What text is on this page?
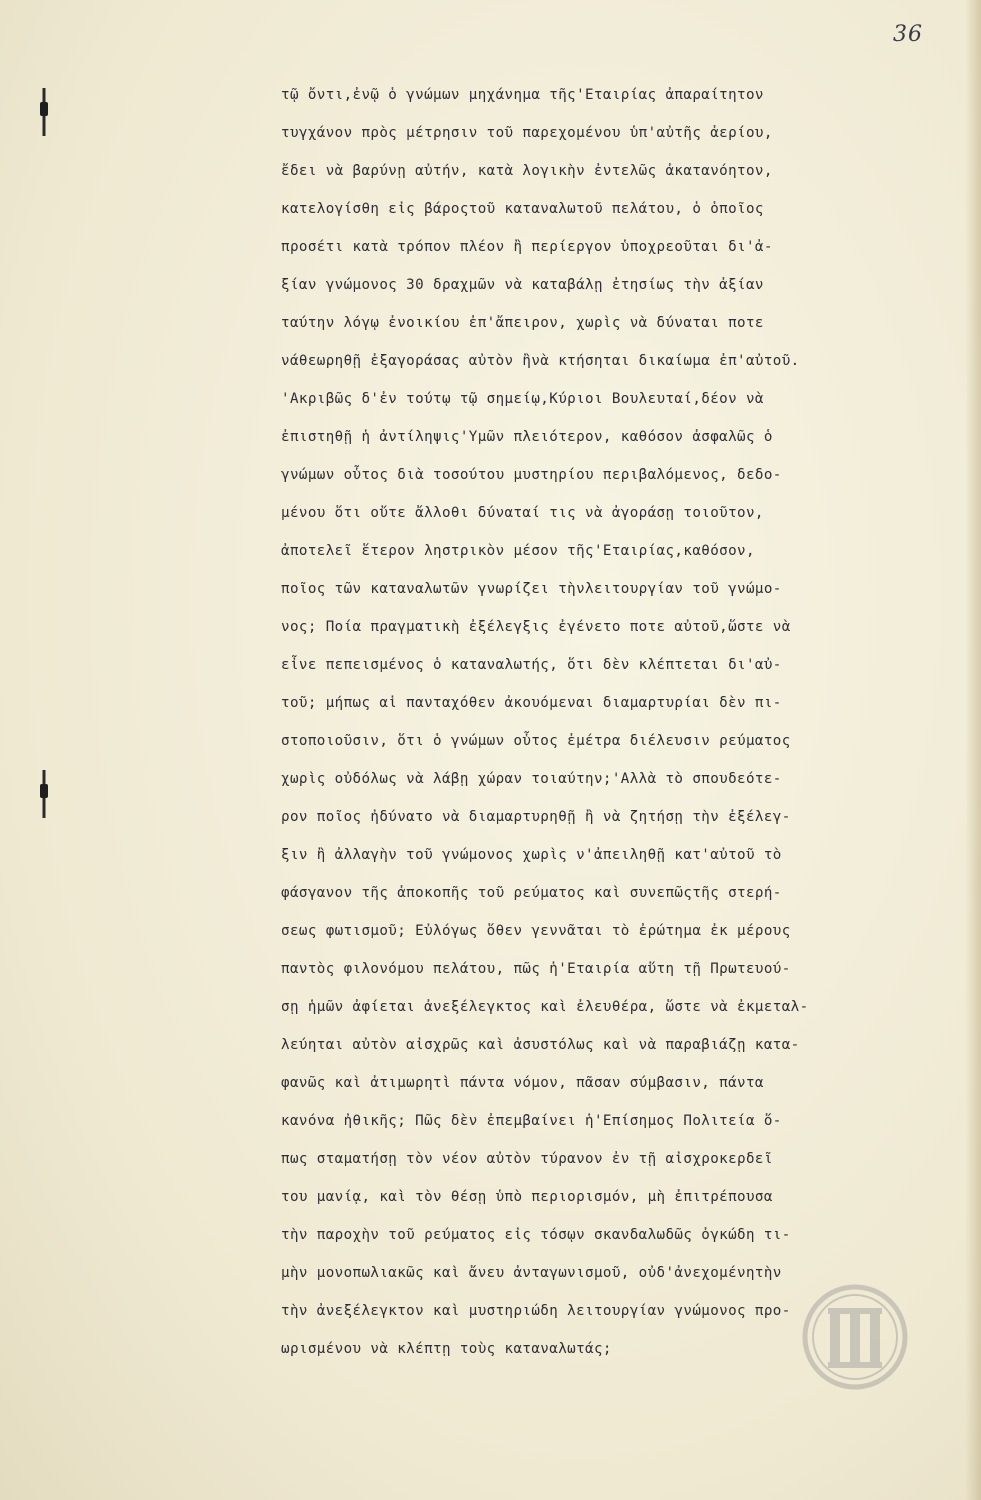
36
τῷ ὄντι,ἐνῷ ὁ γνώμων μηχάνημα τῆς'Εταιρίας ἀπαραίτητον
τυγχάνον πρὸς μέτρησιν τοῦ παρεχομένου ὑπ'αὐτῆς ἀερίου,
ἔδει νὰ βαρύνῃ αὐτήν, κατὰ λογικὴν ἐντελῶς ἀκατανόητον,
κατελογίσθη εἰς βάροςτοῦ καταναλωτοῦ πελάτου, ὁ ὁποῖος
προσέτι κατὰ τρόπον πλέον ἢ περίεργον ὑποχρεοῦται δι'ἀ-
ξίαν γνώμονος 30 δραχμῶν νὰ καταβάλῃ ἐτησίως τὴν ἀξίαν
ταύτην λόγῳ ἐνοικίου ἐπ'ἄπειρον, χωρὶς νὰ δύναται ποτε
νάθεωρηθῇ ἐξαγοράσας αὐτὸν ἢνὰ κτήσηται δικαίωμα ἐπ'αὐτοῦ.
'Ακριβῶς δ'ἐν τούτῳ τῷ σημείῳ,Κύριοι Βουλευταί,δέον νὰ
ἐπιστηθῇ ἡ ἀντίληψις'Υμῶν πλειότερον, καθόσον ἀσφαλῶς ὁ
γνώμων οὗτος διὰ τοσούτου μυστηρίου περιβαλόμενος, δεδο-
μένου ὅτι οὔτε ἄλλοθι δύναταί τις νὰ ἀγοράσῃ τοιοῦτον,
ἀποτελεῖ ἕτερον ληστρικὸν μέσον τῆς'Εταιρίας,καθόσον,
ποῖος τῶν καταναλωτῶν γνωρίζει τὴνλειτουργίαν τοῦ γνώμο-
νος; Ποία πραγματικὴ ἐξέλεγξις ἐγένετο ποτε αὐτοῦ,ὥστε νὰ
εἶνε πεπεισμένος ὁ καταναλωτής, ὅτι δὲν κλέπτεται δι'αὐ-
τοῦ; μήπως αἱ πανταχόθεν ἀκουόμεναι διαμαρτυρίαι δὲν πι-
στοποιοῦσιν, ὅτι ὁ γνώμων οὗτος ἐμέτρα διέλευσιν ρεύματος
χωρὶς οὐδόλως νὰ λάβῃ χώραν τοιαύτην;'Αλλὰ τὸ σπουδεότε-
ρον ποῖος ἠδύνατο νὰ διαμαρτυρηθῇ ἢ νὰ ζητήσῃ τὴν ἐξέλεγ-
ξιν ἢ ἀλλαγὴν τοῦ γνώμονος χωρὶς ν'ἀπειληθῇ κατ'αὐτοῦ τὸ
φάσγανον τῆς ἀποκοπῆς τοῦ ρεύματος καὶ συνεπῶςτῆς στερή-
σεως φωτισμοῦ; Εὐλόγως ὅθεν γεννᾶται τὸ ἐρώτημα ἐκ μέρους
παντὸς φιλονόμου πελάτου, πῶς ἡ'Εταιρία αὕτη τῇ Πρωτευού-
σῃ ἡμῶν ἀφίεται ἀνεξέλεγκτος καὶ ἐλευθέρα, ὥστε νὰ ἐκμεταλ-
λεύηται αὐτὸν αἰσχρῶς καὶ ἀσυστόλως καὶ νὰ παραβιάζῃ κατα-
φανῶς καὶ ἀτιμωρητὶ πάντα νόμον, πᾶσαν σύμβασιν, πάντα
κανόνα ἠθικῆς; Πῶς δὲν ἐπεμβαίνει ἡ'Επίσημος Πολιτεία ὅ-
πως σταματήσῃ τὸν νέον αὐτὸν τύρανον ἐν τῇ αἰσχροκερδεῖ
του μανίᾳ, καὶ τὸν θέσῃ ὑπὸ περιορισμόν, μὴ ἐπιτρέπουσα
τὴν παροχὴν τοῦ ρεύματος εἰς τόσῳν σκανδαλωδῶς ὀγκώδη τι-
μὴν μονοπωλιακῶς καὶ ἄνευ ἀνταγωνισμοῦ, οὐδ'ἀνεχομένητὴν
τὴν ἀνεξέλεγκτον καὶ μυστηριώδη λειτουργίαν γνώμονος προ-
ωρισμένου νὰ κλέπτῃ τοὺς καταναλωτάς;
